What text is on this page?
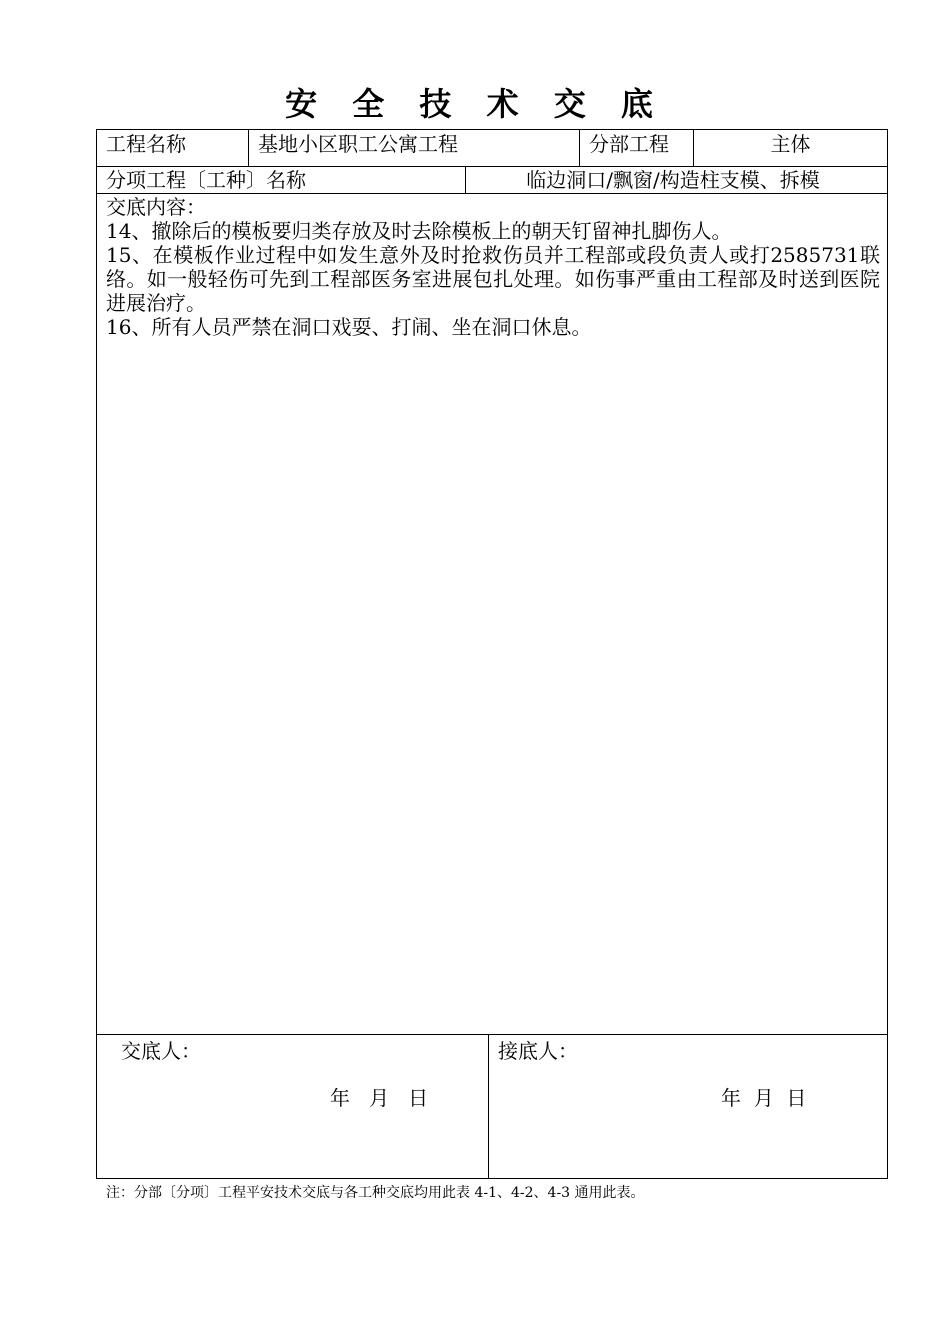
安 全 技 术 交 底
工程名称	基地小区职工公寓工程	分部工程	主体
分项工程〔工种〕名称	临边洞口/飘窗/构造柱支模、拆模

交底内容：

14、撤除后的模板要归类存放及时去除模板上的朝天钉留神扎脚伤人。

15、在模板作业过程中如发生意外及时抢救伤员并工程部或段负责人或打2585731联络。如一般轻伤可先到工程部医务室进展包扎处理。如伤事严重由工程部及时送到医院进展治疗。

16、所有人员严禁在洞口戏耍、打闹、坐在洞口休息。

交底人：
年   月   日
接底人：
年  月  日
注：分部〔分项〕工程平安技术交底与各工种交底均用此表 4-1、4-2、4-3 通用此表。
